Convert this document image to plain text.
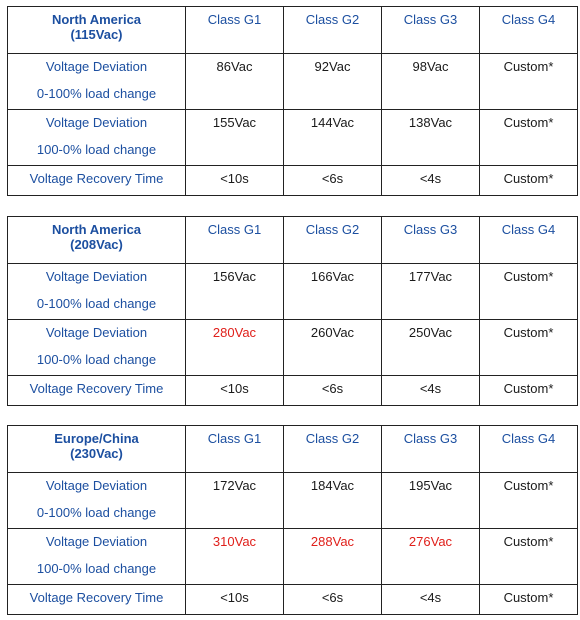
North America
(115Vac)	Class G1	Class G2	Class G3	Class G4

Voltage Deviation
0-100% load change	86Vac	92Vac	98Vac	Custom*

Voltage Deviation
100-0% load change	155Vac	144Vac	138Vac	Custom*

Voltage Recovery Time	<10s	<6s	<4s	Custom*
North America
(208Vac)	Class G1	Class G2	Class G3	Class G4

Voltage Deviation
0-100% load change	156Vac	166Vac	177Vac	Custom*

Voltage Deviation
100-0% load change	280Vac	260Vac	250Vac	Custom*

Voltage Recovery Time	<10s	<6s	<4s	Custom*
Europe/China
(230Vac)	Class G1	Class G2	Class G3	Class G4

Voltage Deviation
0-100% load change	172Vac	184Vac	195Vac	Custom*

Voltage Deviation
100-0% load change	310Vac	288Vac	276Vac	Custom*

Voltage Recovery Time	<10s	<6s	<4s	Custom*
